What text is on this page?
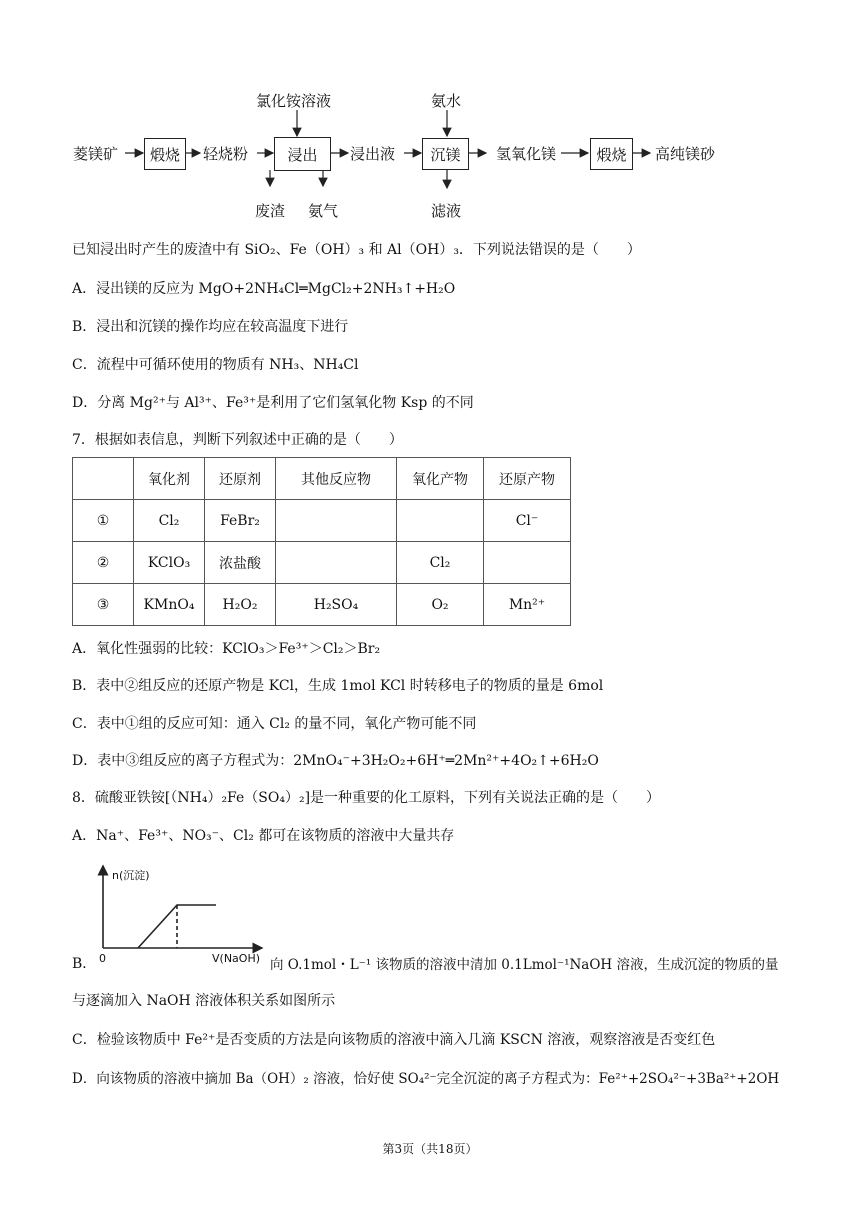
菱镁矿 煅烧 轻烧粉	浸出 浸出液 沉镁 氢氧化镁	煅烧 高纯镁砂
氯化铵溶液	氨水
废渣 氨气	滤液
已知浸出时产生的废渣中有 SiO₂、Fe（OH）₃ 和 Al（OH）₃．下列说法错误的是（　　）
A．浸出镁的反应为 MgO+2NH₄Cl═MgCl₂+2NH₃↑+H₂O
B．浸出和沉镁的操作均应在较高温度下进行
C．流程中可循环使用的物质有 NH₃、NH₄Cl
D．分离 Mg²⁺与 Al³⁺、Fe³⁺是利用了它们氢氧化物 Ksp 的不同
7．根据如表信息，判断下列叙述中正确的是（　　）
	氧化剂	还原剂	其他反应物	氧化产物	还原产物
①	Cl₂	FeBr₂			Cl⁻
②	KClO₃	浓盐酸		Cl₂	
③	KMnO₄	H₂O₂	H₂SO₄	O₂	Mn²⁺
A．氧化性强弱的比较：KClO₃＞Fe³⁺＞Cl₂＞Br₂
B．表中②组反应的还原产物是 KCl，生成 1mol KCl 时转移电子的物质的量是 6mol
C．表中①组的反应可知：通入 Cl₂ 的量不同，氧化产物可能不同
D．表中③组反应的离子方程式为：2MnO₄⁻+3H₂O₂+6H⁺═2Mn²⁺+4O₂↑+6H₂O
8．硫酸亚铁铵[（NH₄）₂Fe（SO₄）₂]是一种重要的化工原料，下列有关说法正确的是（　　）
A．Na⁺、Fe³⁺、NO₃⁻、Cl₂ 都可在该物质的溶液中大量共存
n(沉淀)
V(NaOH)
0
B．	向 O.1mol・L⁻¹ 该物质的溶液中清加 0.1Lmol⁻¹NaOH 溶液，生成沉淀的物质的量
与逐滴加入 NaOH 溶液体积关系如图所示
C．检验该物质中 Fe²⁺是否变质的方法是向该物质的溶液中滴入几滴 KSCN 溶液，观察溶液是否变红色
D．向该物质的溶液中摘加 Ba（OH）₂ 溶液，恰好使 SO₄²⁻完全沉淀的离子方程式为：Fe²⁺+2SO₄²⁻+3Ba²⁺+2OH
第3页（共18页）
